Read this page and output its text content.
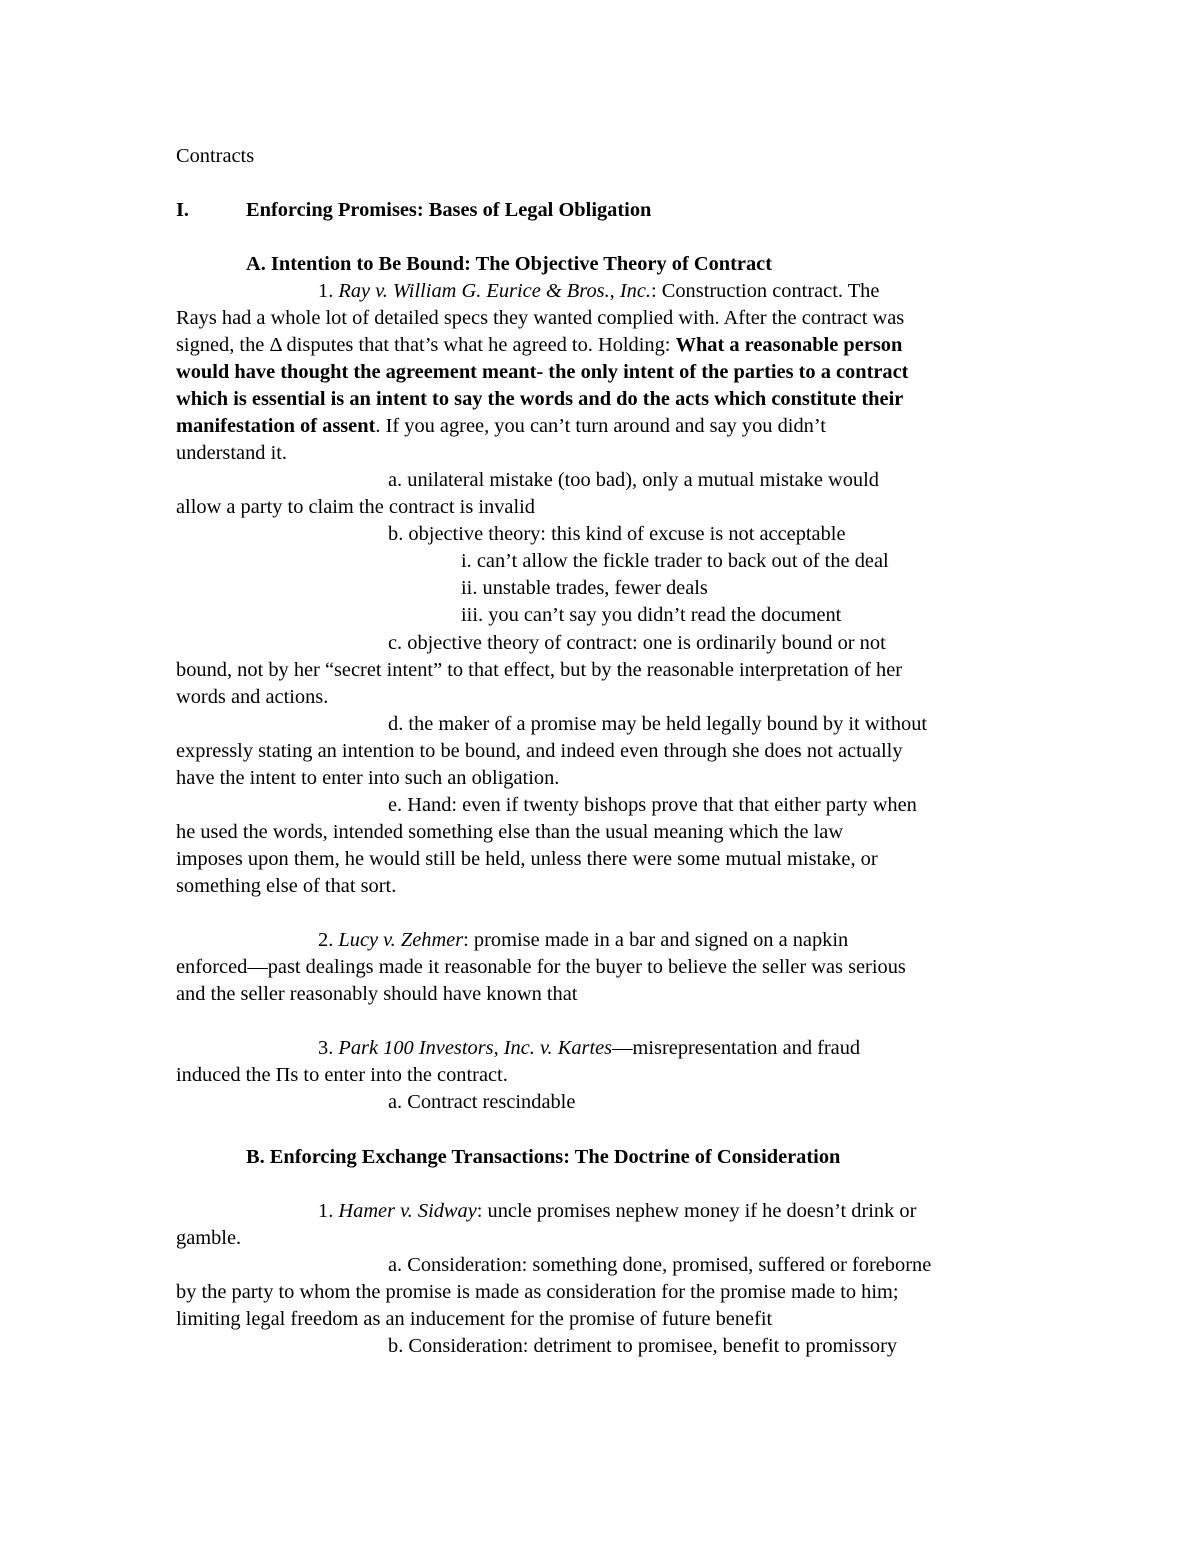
Contracts
I.	Enforcing Promises: Bases of Legal Obligation
A. Intention to Be Bound: The Objective Theory of Contract
1. Ray v. William G. Eurice & Bros., Inc.: Construction contract. The
Rays had a whole lot of detailed specs they wanted complied with. After the contract was
signed, the Δ disputes that that’s what he agreed to. Holding: What a reasonable person
would have thought the agreement meant- the only intent of the parties to a contract
which is essential is an intent to say the words and do the acts which constitute their
manifestation of assent. If you agree, you can’t turn around and say you didn’t
understand it.
a. unilateral mistake (too bad), only a mutual mistake would
allow a party to claim the contract is invalid
b. objective theory: this kind of excuse is not acceptable
i. can’t allow the fickle trader to back out of the deal
ii. unstable trades, fewer deals
iii. you can’t say you didn’t read the document
c. objective theory of contract: one is ordinarily bound or not
bound, not by her “secret intent” to that effect, but by the reasonable interpretation of her
words and actions.
d. the maker of a promise may be held legally bound by it without
expressly stating an intention to be bound, and indeed even through she does not actually
have the intent to enter into such an obligation.
e. Hand: even if twenty bishops prove that that either party when
he used the words, intended something else than the usual meaning which the law
imposes upon them, he would still be held, unless there were some mutual mistake, or
something else of that sort.
2. Lucy v. Zehmer: promise made in a bar and signed on a napkin
enforced—past dealings made it reasonable for the buyer to believe the seller was serious
and the seller reasonably should have known that
3. Park 100 Investors, Inc. v. Kartes—misrepresentation and fraud
induced the Πs to enter into the contract.
a. Contract rescindable
B. Enforcing Exchange Transactions: The Doctrine of Consideration
1. Hamer v. Sidway: uncle promises nephew money if he doesn’t drink or
gamble.
a. Consideration: something done, promised, suffered or foreborne
by the party to whom the promise is made as consideration for the promise made to him;
limiting legal freedom as an inducement for the promise of future benefit
b. Consideration: detriment to promisee, benefit to promissory
